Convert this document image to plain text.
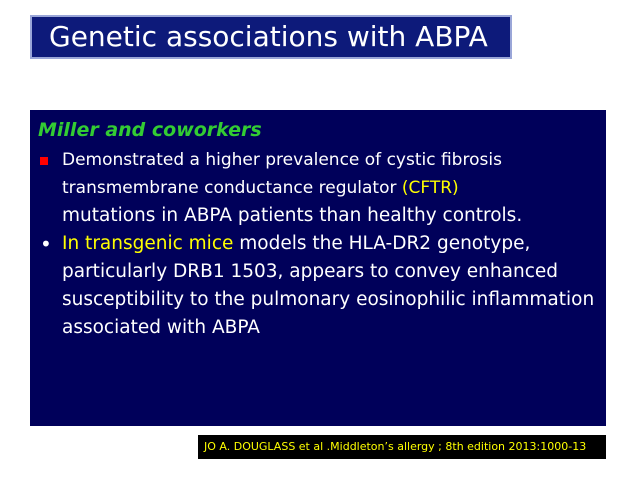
Genetic associations with ABPA
Miller and coworkers
Demonstrated a higher prevalence of cystic fibrosis
transmembrane conductance regulator (CFTR)
mutations in ABPA patients than healthy controls.
• In transgenic mice models the HLA-DR2 genotype, particularly DRB1 1503, appears to convey enhanced susceptibility to the pulmonary eosinophilic inflammation associated with ABPA
JO A. DOUGLASS et al .Middleton’s allergy ; 8th edition 2013:1000-13
